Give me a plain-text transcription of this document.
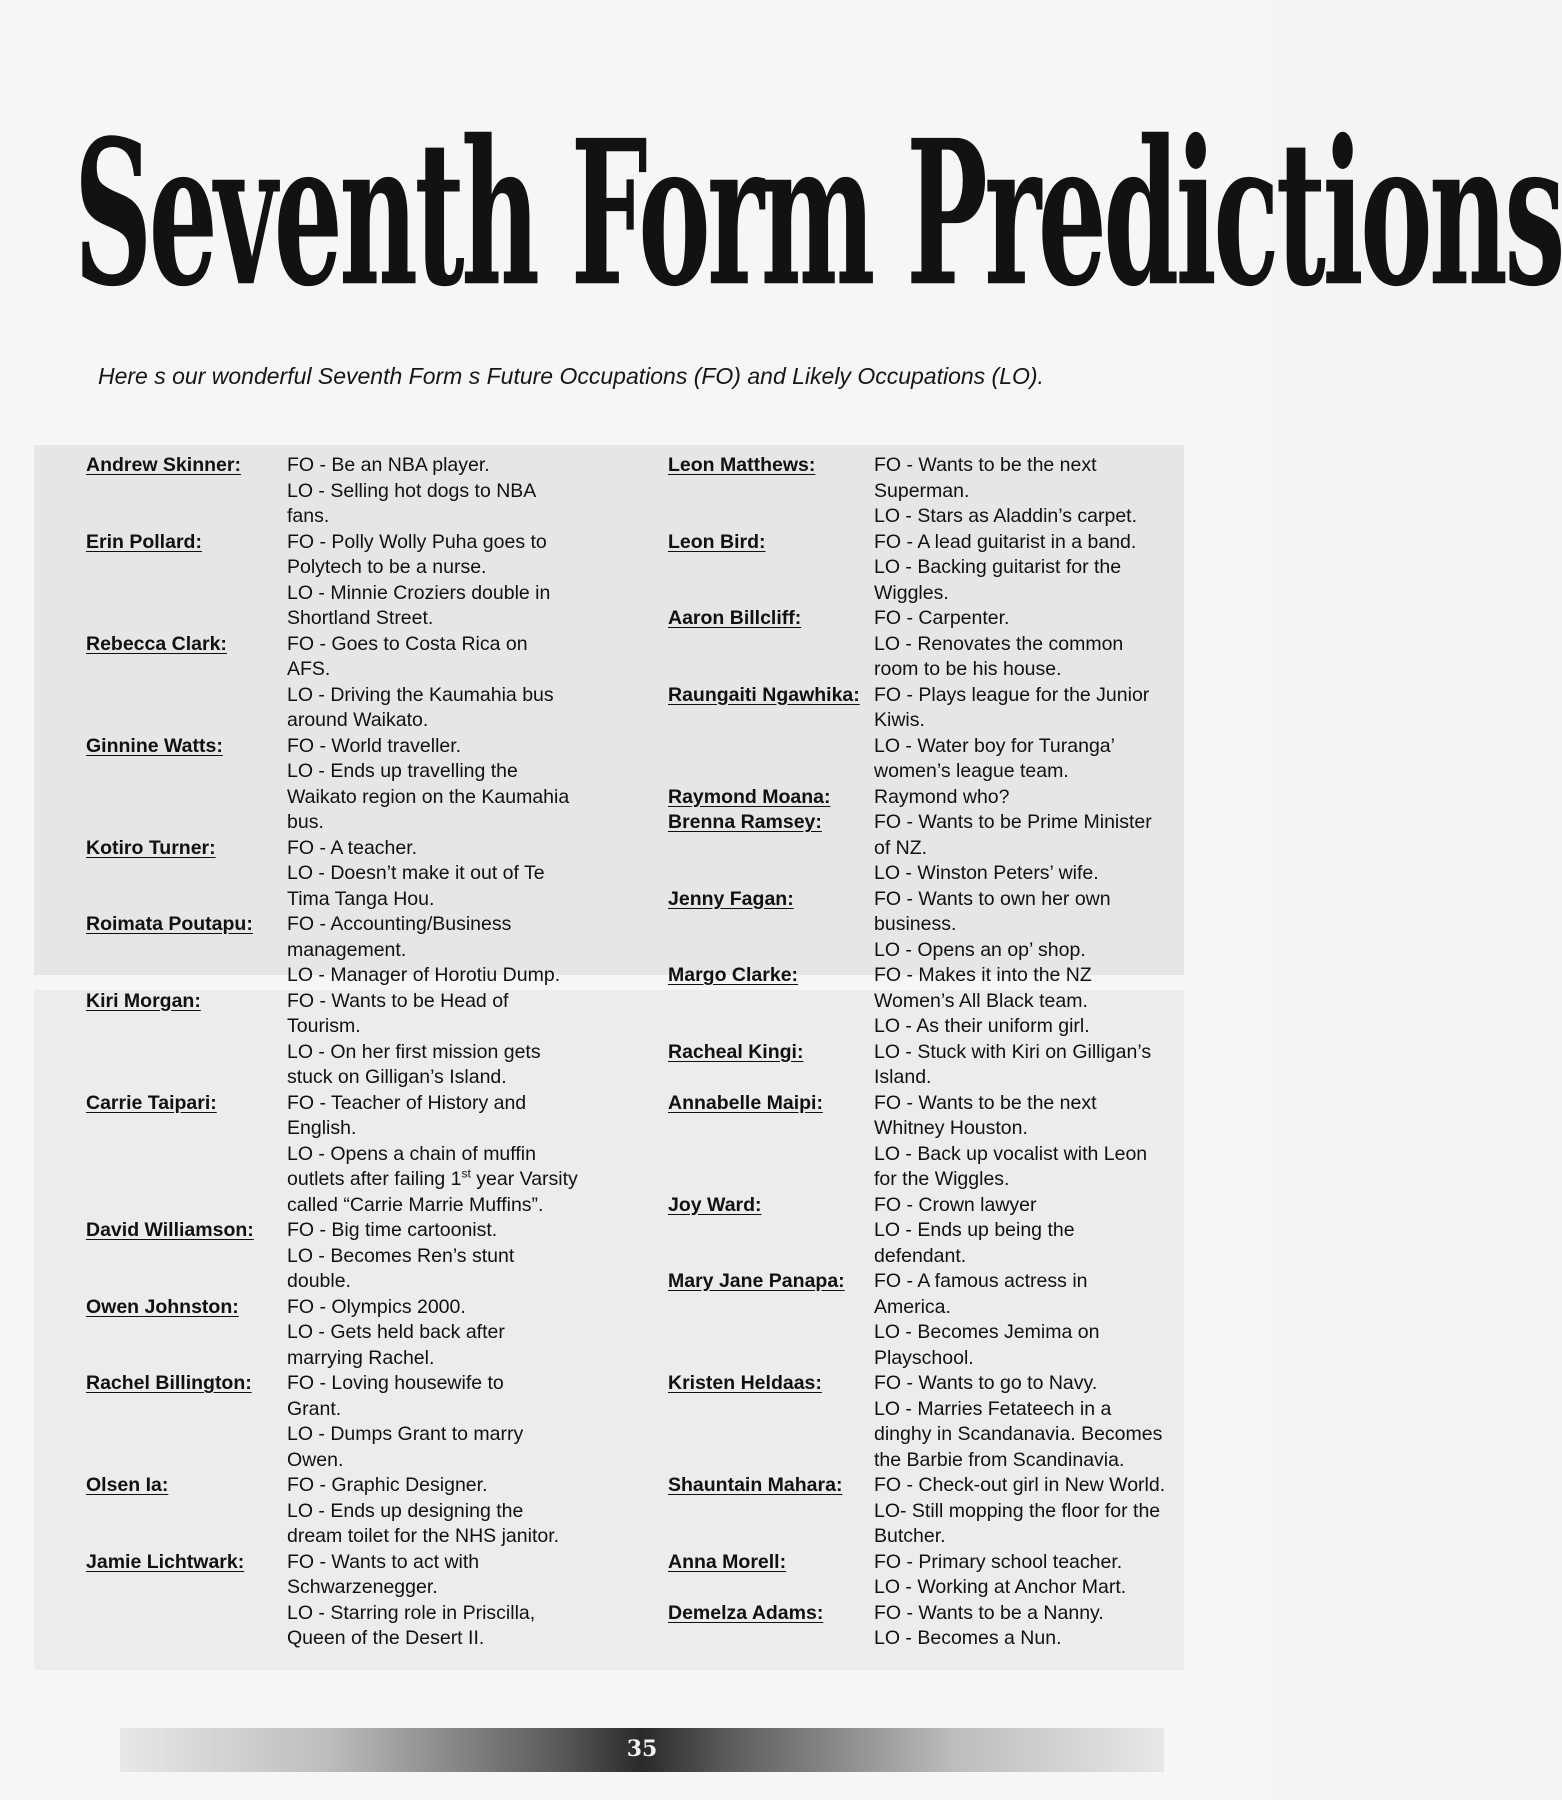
Seventh Form Predictions
Here s our wonderful Seventh Form s Future Occupations (FO) and Likely Occupations (LO).
Andrew Skinner: FO - Be an NBA player.
LO - Selling hot dogs to NBA
fans.
Erin Pollard:	FO - Polly Wolly Puha goes to
Polytech to be a nurse.
LO - Minnie Croziers double in
Shortland Street.
Rebecca Clark:	FO - Goes to Costa Rica on
AFS.
LO - Driving the Kaumahia bus
around Waikato.
Ginnine Watts:	FO - World traveller.
LO - Ends up travelling the
Waikato region on the Kaumahia
bus.
Kotiro Turner:	FO - A teacher.
LO - Doesn’t make it out of Te
Tima Tanga Hou.
Roimata Poutapu: FO - Accounting/Business
management.
LO - Manager of Horotiu Dump.
Kiri Morgan:	FO - Wants to be Head of
Tourism.
LO - On her first mission gets
stuck on Gilligan’s Island.
Carrie Taipari:	FO - Teacher of History and
English.
LO - Opens a chain of muffin
outlets after failing 1st year Varsity
called “Carrie Marrie Muffins”.
David Williamson: FO - Big time cartoonist.
LO - Becomes Ren’s stunt
double.
Owen Johnston: FO - Olympics 2000.
LO - Gets held back after
marrying Rachel.
Rachel Billington: FO - Loving housewife to
Grant.
LO - Dumps Grant to marry
Owen.
Olsen Ia:	FO - Graphic Designer.
LO - Ends up designing the
dream toilet for the NHS janitor.
Jamie Lichtwark: FO - Wants to act with
Schwarzenegger.
LO - Starring role in Priscilla,
Queen of the Desert II.
Leon Matthews:	FO - Wants to be the next
Superman.
LO - Stars as Aladdin’s carpet.
Leon Bird:	FO - A lead guitarist in a band.
LO - Backing guitarist for the
Wiggles.
Aaron Billcliff:	FO - Carpenter.
LO - Renovates the common
room to be his house.
Raungaiti Ngawhika: FO - Plays league for the Junior
Kiwis.
LO - Water boy for Turanga’
women’s league team.
Raymond Moana: Raymond who?
Brenna Ramsey:	FO - Wants to be Prime Minister
of NZ.
LO - Winston Peters’ wife.
Jenny Fagan:	FO - Wants to own her own
business.
LO - Opens an op’ shop.
Margo Clarke:	FO - Makes it into the NZ
Women’s All Black team.
LO - As their uniform girl.
Racheal Kingi:	LO - Stuck with Kiri on Gilligan’s
Island.
Annabelle Maipi:	FO - Wants to be the next
Whitney Houston.
LO - Back up vocalist with Leon
for the Wiggles.
Joy Ward:	FO - Crown lawyer
LO - Ends up being the
defendant.
Mary Jane Panapa: FO - A famous actress in
America.
LO - Becomes Jemima on
Playschool.
Kristen Heldaas:	FO - Wants to go to Navy.
LO - Marries Fetateech in a
dinghy in Scandanavia. Becomes
the Barbie from Scandinavia.
Shauntain Mahara: FO - Check-out girl in New World.
LO- Still mopping the floor for the
Butcher.
Anna Morell:	FO - Primary school teacher.
LO - Working at Anchor Mart.
Demelza Adams:	FO - Wants to be a Nanny.
LO - Becomes a Nun.
35
